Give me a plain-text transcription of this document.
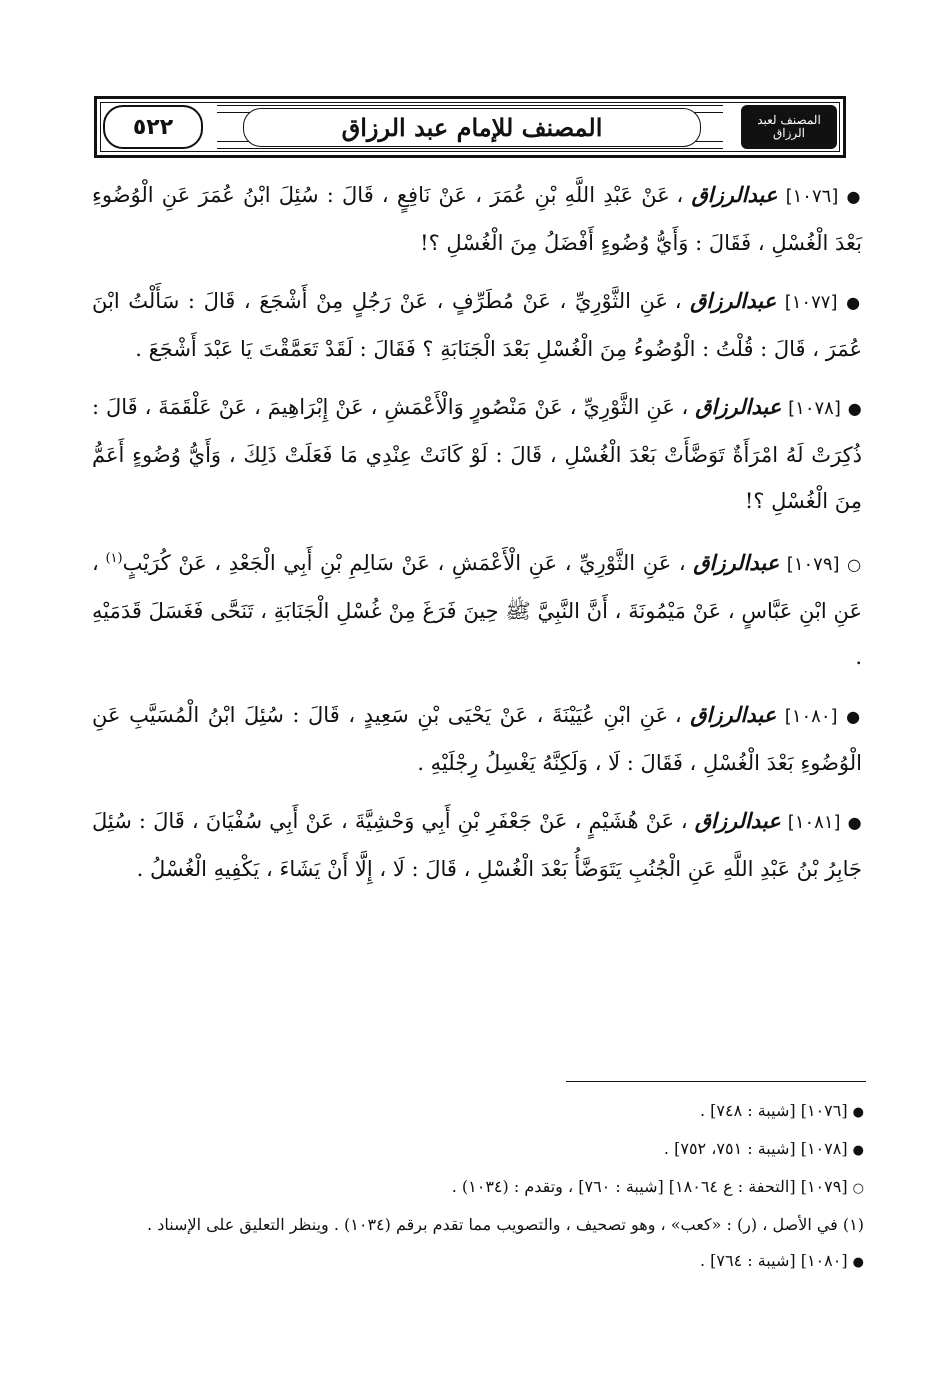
٥٢٢	المصنف للإمام عبد الرزاق	المصنف لعبد الرزاق

● [١٠٧٦] عبدالرزاق ، عَنْ عَبْدِ اللَّهِ بْنِ عُمَرَ ، عَنْ نَافِعٍ ، قَالَ : سُئِلَ ابْنُ عُمَرَ عَنِ الْوُضُوءِ بَعْدَ الْغُسْلِ ، فَقَالَ : وَأَيُّ وُضُوءٍ أَفْضَلُ مِنَ الْغُسْلِ ؟!

● [١٠٧٧] عبدالرزاق ، عَنِ الثَّوْرِيِّ ، عَنْ مُطَرِّفٍ ، عَنْ رَجُلٍ مِنْ أَشْجَعَ ، قَالَ : سَأَلْتُ ابْنَ عُمَرَ ، قَالَ : قُلْتُ : الْوُضُوءُ مِنَ الْغُسْلِ بَعْدَ الْجَنَابَةِ ؟ فَقَالَ : لَقَدْ تَعَمَّقْتَ يَا عَبْدَ أَشْجَعَ .

● [١٠٧٨] عبدالرزاق ، عَنِ الثَّوْرِيِّ ، عَنْ مَنْصُورٍ وَالْأَعْمَشِ ، عَنْ إِبْرَاهِيمَ ، عَنْ عَلْقَمَةَ ، قَالَ : ذُكِرَتْ لَهُ امْرَأَةٌ تَوَضَّأَتْ بَعْدَ الْغُسْلِ ، قَالَ : لَوْ كَانَتْ عِنْدِي مَا فَعَلَتْ ذَلِكَ ، وَأَيُّ وُضُوءٍ أَعَمُّ مِنَ الْغُسْلِ ؟!

○ [١٠٧٩] عبدالرزاق ، عَنِ الثَّوْرِيِّ ، عَنِ الْأَعْمَشِ ، عَنْ سَالِمِ بْنِ أَبِي الْجَعْدِ ، عَنْ كُرَيْبٍ$^{(١)}$ ، عَنِ ابْنِ عَبَّاسٍ ، عَنْ مَيْمُونَةَ ، أَنَّ النَّبِيَّ ﷺ حِينَ فَرَغَ مِنْ غُسْلِ الْجَنَابَةِ ، تَنَحَّى فَغَسَلَ قَدَمَيْهِ .

● [١٠٨٠] عبدالرزاق ، عَنِ ابْنِ عُيَيْنَةَ ، عَنْ يَحْيَى بْنِ سَعِيدٍ ، قَالَ : سُئِلَ ابْنُ الْمُسَيَّبِ عَنِ الْوُضُوءِ بَعْدَ الْغُسْلِ ، فَقَالَ : لَا ، وَلَكِنَّهُ يَغْسِلُ رِجْلَيْهِ .

● [١٠٨١] عبدالرزاق ، عَنْ هُشَيْمٍ ، عَنْ جَعْفَرِ بْنِ أَبِي وَحْشِيَّةَ ، عَنْ أَبِي سُفْيَانَ ، قَالَ : سُئِلَ جَابِرُ بْنُ عَبْدِ اللَّهِ عَنِ الْجُنُبِ يَتَوَضَّأُ بَعْدَ الْغُسْلِ ، قَالَ : لَا ، إِلَّا أَنْ يَشَاءَ ، يَكْفِيهِ الْغُسْلُ .

● [١٠٧٦] [شيبة : ٧٤٨] .

● [١٠٧٨] [شيبة : ٧٥١، ٧٥٢] .

○ [١٠٧٩] [التحفة : ع ١٨٠٦٤] [شيبة : ٧٦٠] ، وتقدم : (١٠٣٤) .

(١) في الأصل ، (ر) : «كعب» ، وهو تصحيف ، والتصويب مما تقدم برقم (١٠٣٤) . وينظر التعليق على الإسناد .

● [١٠٨٠] [شيبة : ٧٦٤] .
